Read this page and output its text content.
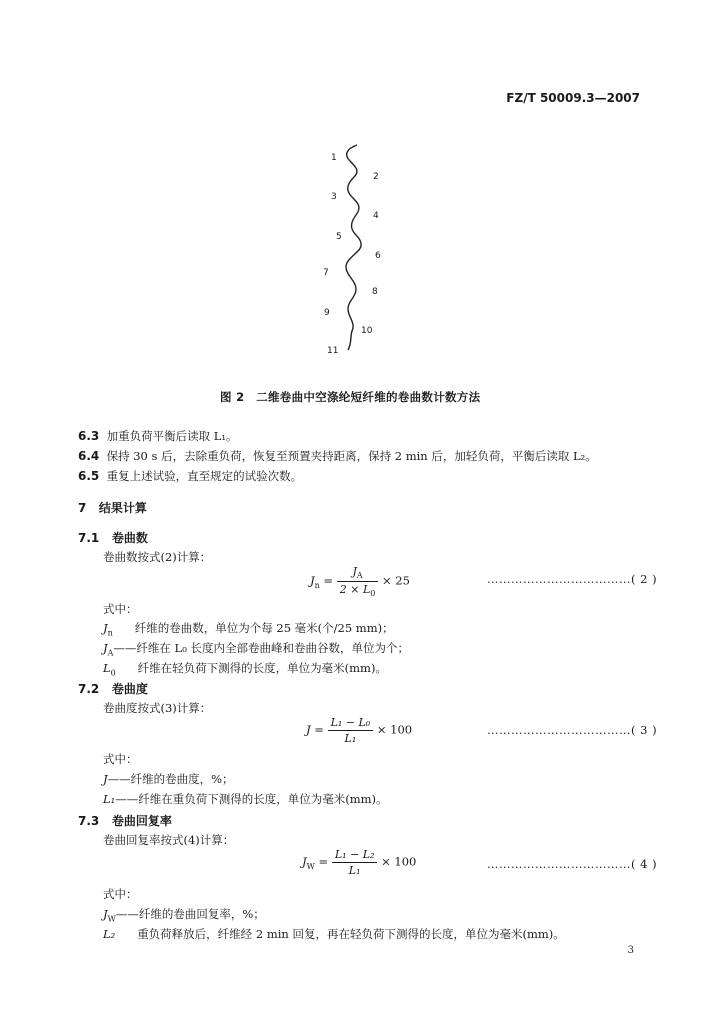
FZ/T 50009.3—2007
1
2
3
4
5
6
7
8
9
10
11
图 2　二维卷曲中空涤纶短纤维的卷曲数计数方法
6.3 加重负荷平衡后读取 L₁。
6.4 保持 30 s 后，去除重负荷，恢复至预置夹持距离，保持 2 min 后，加轻负荷，平衡后读取 L₂。
6.5 重复上述试验，直至规定的试验次数。
7 结果计算
7.1 卷曲数
卷曲数按式(2)计算：
$J_n = \frac{J_A}{2 \times L_0} \times 25$	………………………………( 2 )
式中：
$J_n$ 纤维的卷曲数，单位为个每 25 毫米(个/25 mm)；
$J_A——$纤维在 L₀ 长度内全部卷曲峰和卷曲谷数，单位为个；
$L_0$ 纤维在轻负荷下测得的长度，单位为毫米(mm)。
7.2 卷曲度
卷曲度按式(3)计算：
$J = \frac{\text{L₁ − L₀}}{\text{L₁}} \times 100$	………………………………( 3 )
式中：
J——纤维的卷曲度，%；
L₁——纤维在重负荷下测得的长度，单位为毫米(mm)。
7.3 卷曲回复率
卷曲回复率按式(4)计算：
$J_W = \frac{\text{L₁ − L₂}}{\text{L₁}} \times 100$	………………………………( 4 )
式中：
$J_W——$纤维的卷曲回复率，%；
L₂ 重负荷释放后，纤维经 2 min 回复，再在轻负荷下测得的长度，单位为毫米(mm)。
3
